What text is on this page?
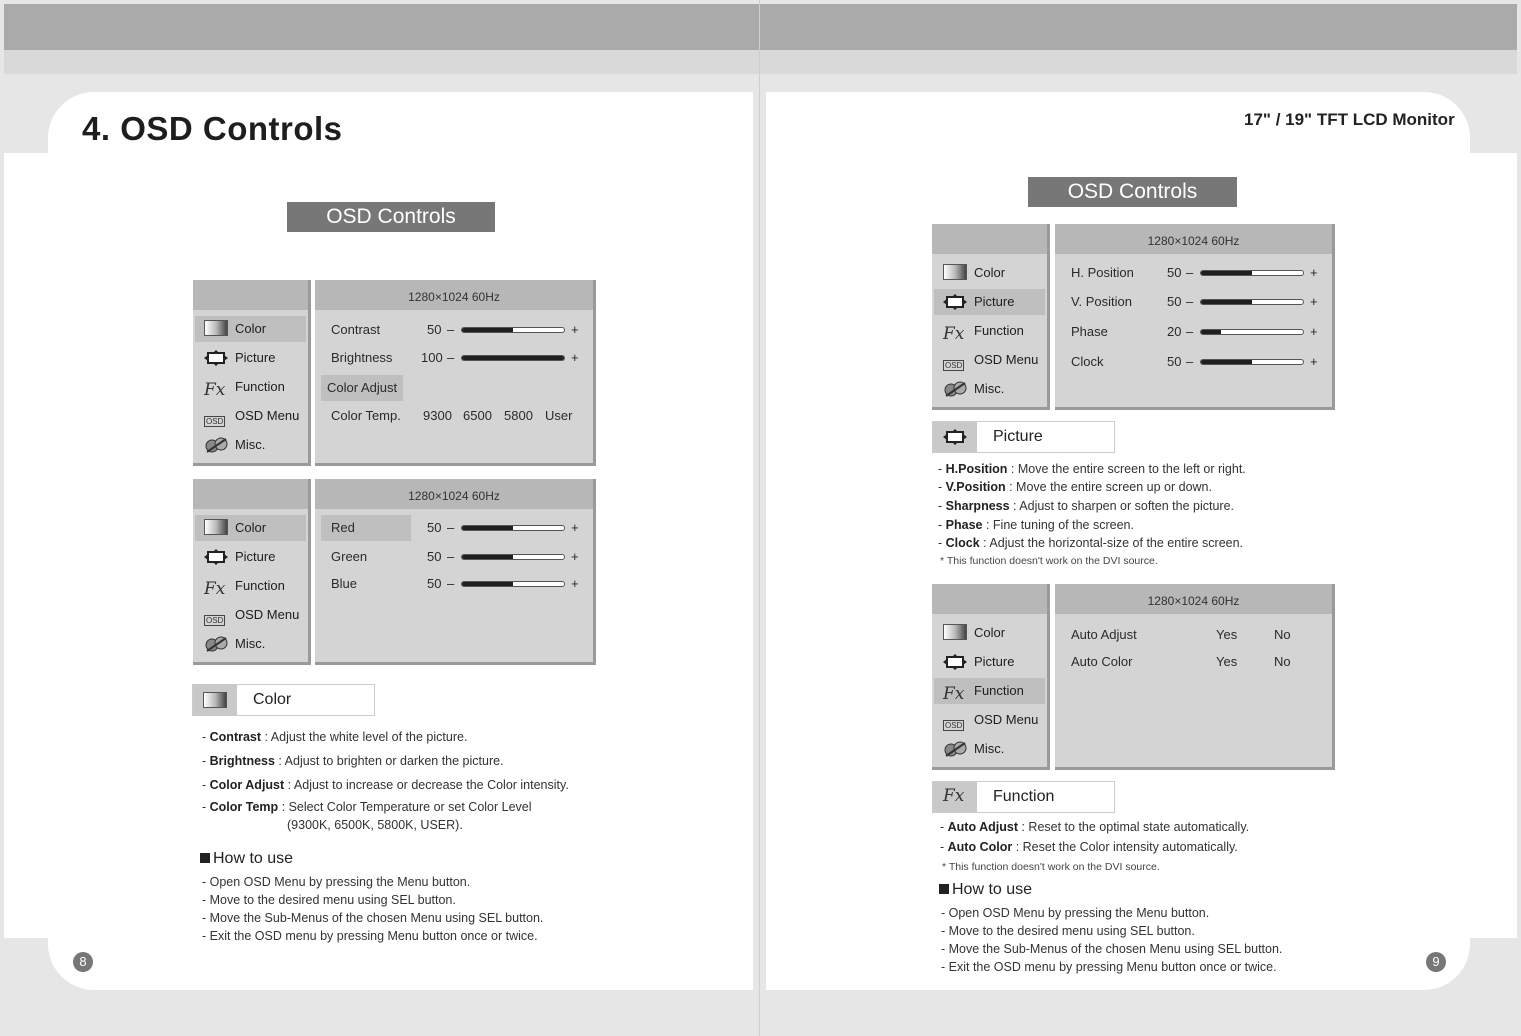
4. OSD Controls
OSD Controls
Color
Picture
Fx Function
OSD OSD Menu
Misc.
1280×1024 60Hz
Contrast	50 –	+
Brightness 100 –	+
Color Adjust
Color Temp. 9300 6500 5800 User
Color
Picture
Fx Function
OSD OSD Menu
Misc.
1280×1024 60Hz
Red	50 –	+
Green	50 –	+
Blue	50 –	+
Color
- Contrast : Adjust the white level of the picture.
- Brightness : Adjust to brighten or darken the picture.
- Color Adjust : Adjust to increase or decrease the Color intensity.
- Color Temp : Select Color Temperature or set Color Level
(9300K, 6500K, 5800K, USER).
How to use
- Open OSD Menu by pressing the Menu button.
- Move to the desired menu using SEL button.
- Move the Sub-Menus of the chosen Menu using SEL button.
- Exit the OSD menu by pressing Menu button once or twice.
8
17" / 19" TFT LCD Monitor
OSD Controls
Color
Picture
Fx Function
OSD OSD Menu
Misc.
1280×1024 60Hz
H. Position	50 –	+
V. Position	50 –	+
Phase	20 –	+
Clock	50 –	+
Picture
- H.Position : Move the entire screen to the left or right.
- V.Position : Move the entire screen up or down.
- Sharpness : Adjust to sharpen or soften the picture.
- Phase : Fine tuning of the screen.
- Clock : Adjust the horizontal-size of the entire screen.
* This function doesn't work on the DVI source.
Color
Picture
Fx Function
OSD OSD Menu
Misc.
1280×1024 60Hz
Auto Adjust	Yes	No
Auto Color	Yes	No
Fx Function
- Auto Adjust : Reset to the optimal state automatically.
- Auto Color : Reset the Color intensity automatically.
* This function doesn't work on the DVI source.
How to use
- Open OSD Menu by pressing the Menu button.
- Move to the desired menu using SEL button.
- Move the Sub-Menus of the chosen Menu using SEL button.
- Exit the OSD menu by pressing Menu button once or twice.	9
